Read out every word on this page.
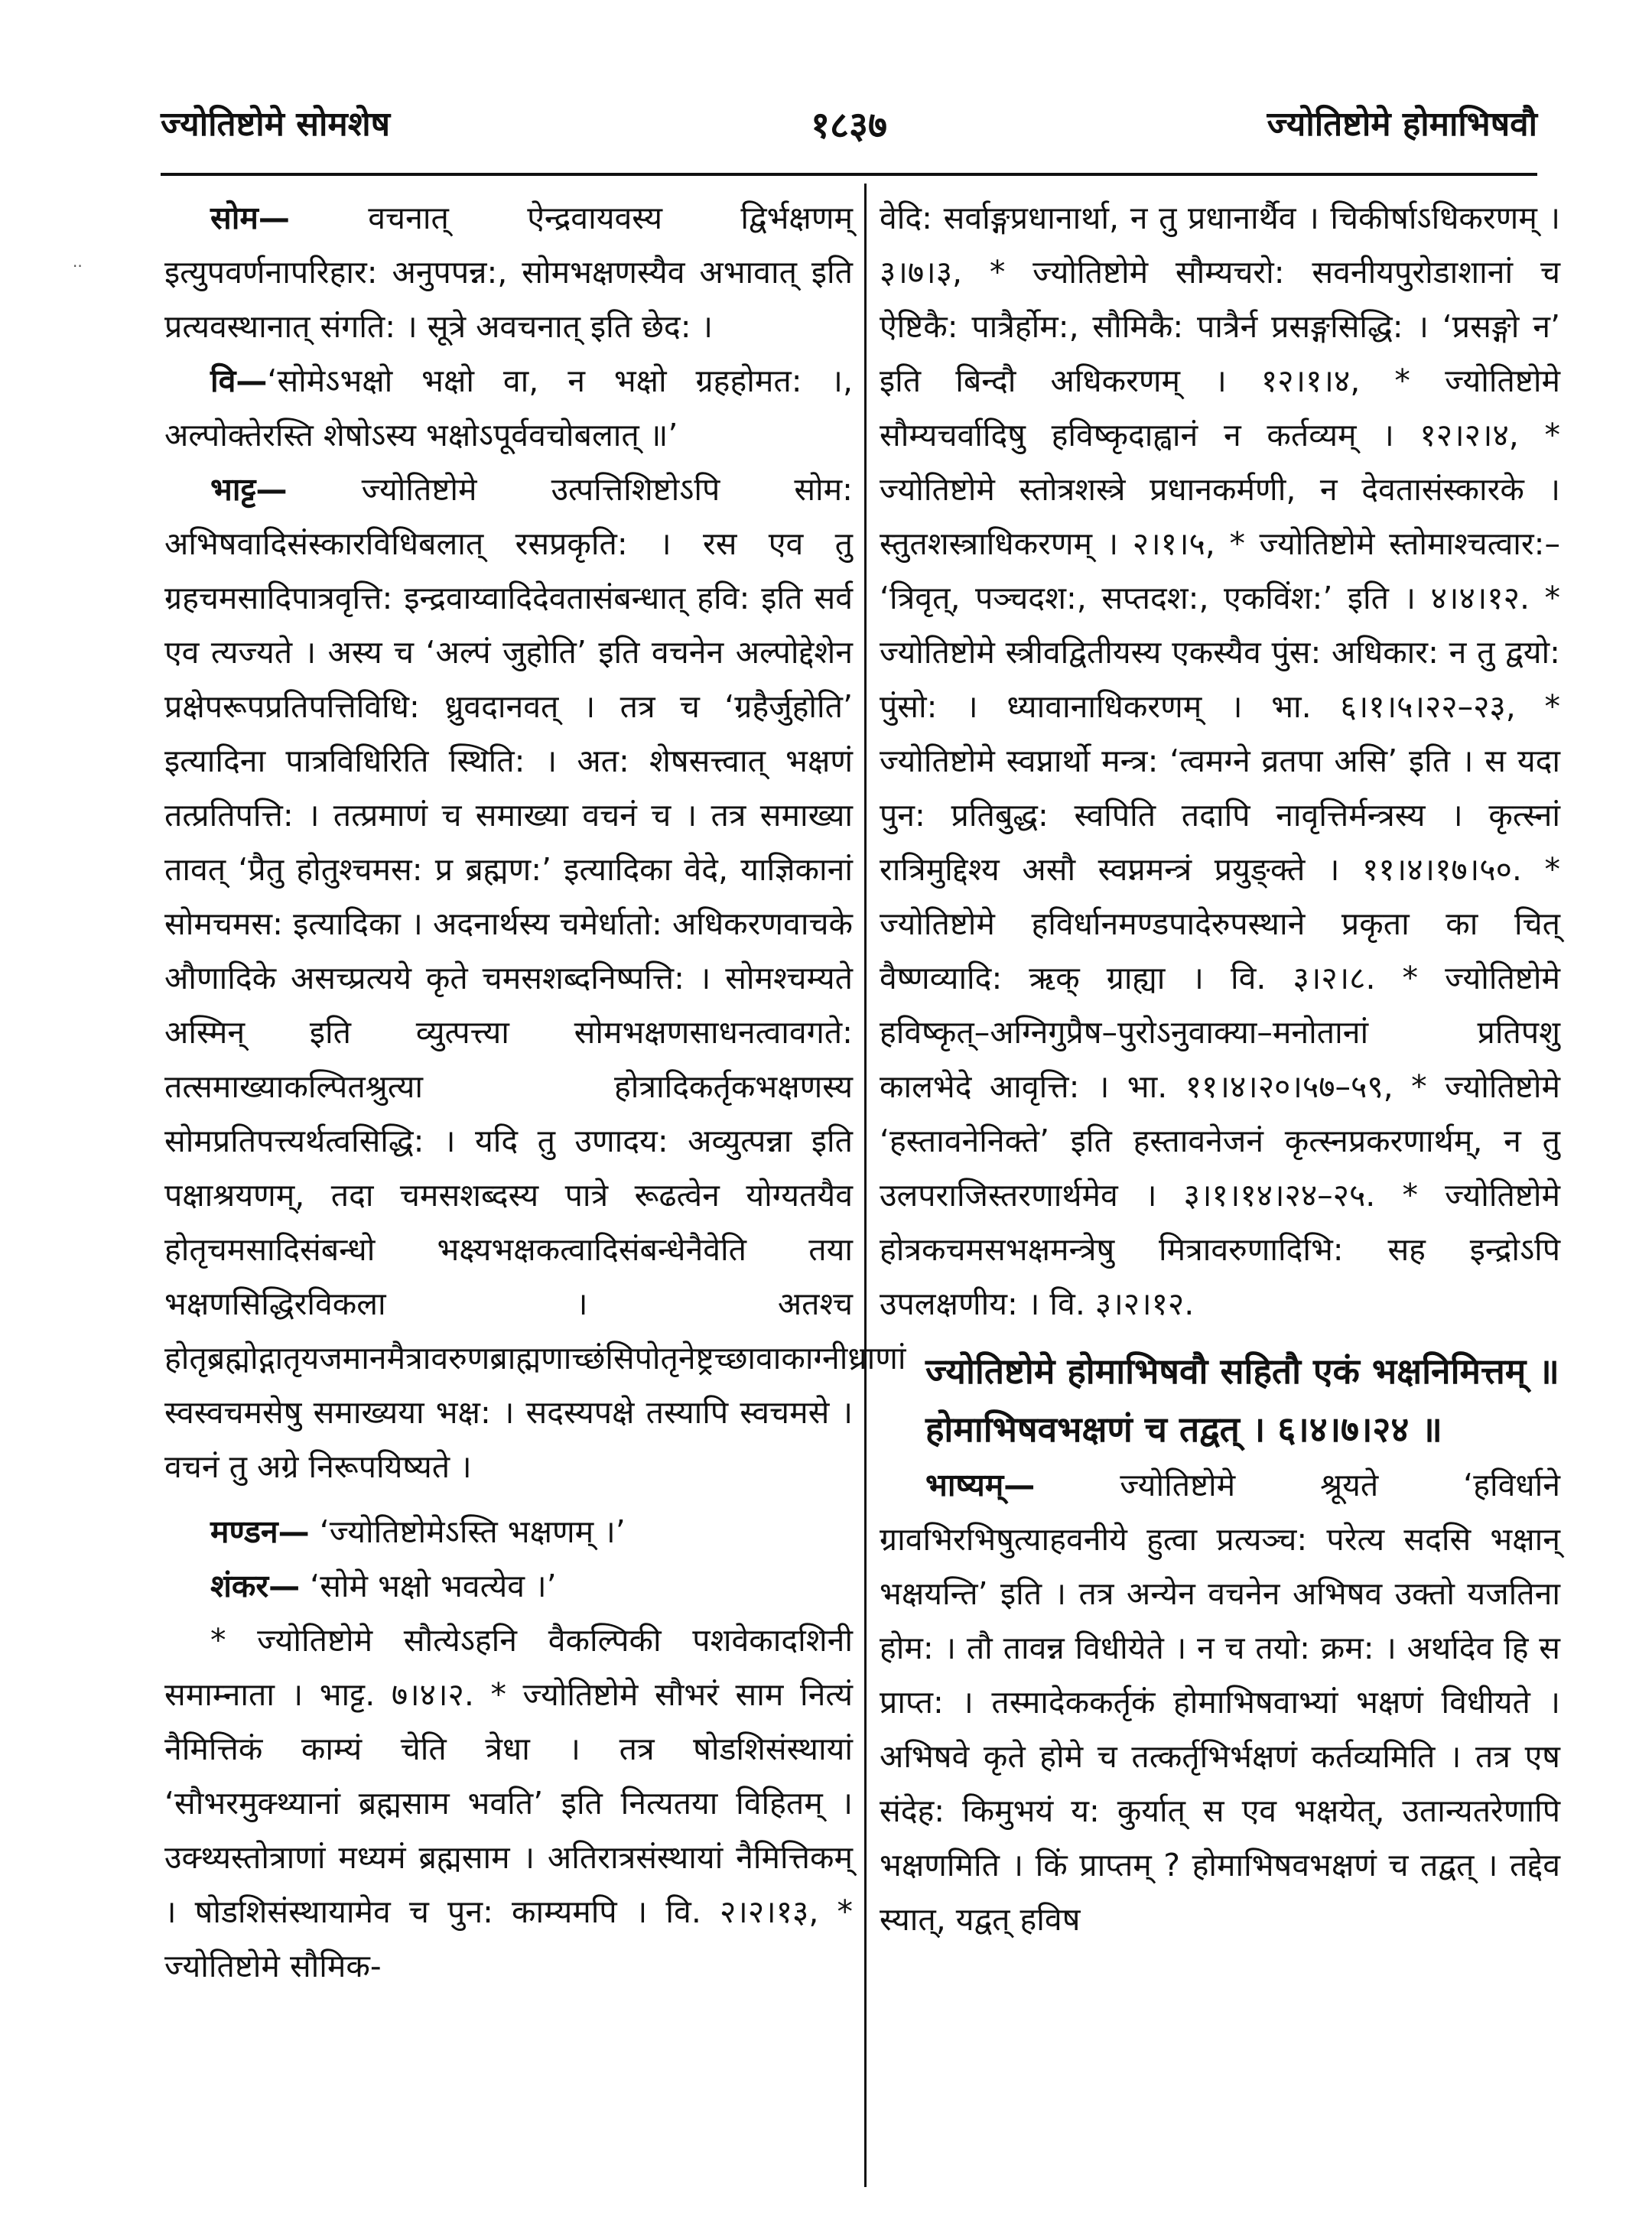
ज्योतिष्टोमे सोमशेष	१८३७	ज्योतिष्टोमे होमाभिषवौ
..

सोम— वचनात् ऐन्द्रवायवस्य द्विर्भक्षणम् इत्युपवर्णनापरिहार: अनुपपन्न:, सोमभक्षणस्यैव अभावात् इति प्रत्यवस्थानात् संगति: । सूत्रे अवचनात् इति छेद: ।

वि—‘सोमेऽभक्षो भक्षो वा, न भक्षो ग्रहहोमत: ।, अल्पोक्तेरस्ति शेषोऽस्य भक्षोऽपूर्ववचोबलात् ॥’

भाट्ट— ज्योतिष्टोमे उत्पत्तिशिष्टोऽपि सोम: अभिषवादिसंस्कारविधिबलात् रसप्रकृति: । रस एव तु ग्रहचमसादिपात्रवृत्ति: इन्द्रवाय्वादिदेवतासंबन्धात् हवि: इति सर्व एव त्यज्यते । अस्य च ‘अल्पं जुहोति’ इति वचनेन अल्पोद्देशेन प्रक्षेपरूपप्रतिपत्तिविधि: ध्रुवदानवत् । तत्र च ‘ग्रहैर्जुहोति’ इत्यादिना पात्रविधिरिति स्थिति: । अत: शेषसत्त्वात् भक्षणं तत्प्रतिपत्ति: । तत्प्रमाणं च समाख्या वचनं च । तत्र समाख्या तावत् ‘प्रैतु होतुश्चमस: प्र ब्रह्मण:’ इत्यादिका वेदे, याज्ञिकानां सोमचमस: इत्यादिका । अदनार्थस्य चमेर्धातो: अधिकरणवाचके औणादिके असच्प्रत्यये कृते चमसशब्दनिष्पत्ति: । सोमश्चम्यते अस्मिन् इति व्युत्पत्त्या सोमभक्षणसाधनत्वावगते: तत्समाख्याकल्पितश्रुत्या होत्रादिकर्तृकभक्षणस्य सोमप्रतिपत्त्यर्थत्वसिद्धि: । यदि तु उणादय: अव्युत्पन्ना इति पक्षाश्रयणम्, तदा चमसशब्दस्य पात्रे रूढत्वेन योग्यतयैव होतृचमसादिसंबन्धो भक्ष्यभक्षकत्वादिसंबन्धेनैवेति तया भक्षणसिद्धिरविकला । अतश्च होतृब्रह्मोद्गातृयजमानमैत्रावरुणब्राह्मणाच्छंसिपोतृनेष्ट्रच्छावाकाग्नीध्राणां स्वस्वचमसेषु समाख्यया भक्ष: । सदस्यपक्षे तस्यापि स्वचमसे । वचनं तु अग्रे निरूपयिष्यते ।

मण्डन— ‘ज्योतिष्टोमेऽस्ति भक्षणम् ।’

शंकर— ‘सोमे भक्षो भवत्येव ।’

* ज्योतिष्टोमे सौत्येऽहनि वैकल्पिकी पशवेकादशिनी समाम्नाता । भाट्ट. ७।४।२. * ज्योतिष्टोमे सौभरं साम नित्यं नैमित्तिकं काम्यं चेति त्रेधा । तत्र षोडशिसंस्थायां ‘सौभरमुक्थ्यानां ब्रह्मसाम भवति’ इति नित्यतया विहितम् । उक्थ्यस्तोत्राणां मध्यमं ब्रह्मसाम । अतिरात्रसंस्थायां नैमित्तिकम् । षोडशिसंस्थायामेव च पुन: काम्यमपि । वि. २।२।१३, * ज्योतिष्टोमे सौमिक-

वेदि: सर्वाङ्गप्रधानार्था, न तु प्रधानार्थैव । चिकीर्षाऽधिकरणम् । ३।७।३, * ज्योतिष्टोमे सौम्यचरो: सवनीयपुरोडाशानां च ऐष्टिकै: पात्रैर्होम:, सौमिकै: पात्रैर्न प्रसङ्गसिद्धि: । ‘प्रसङ्गो न’ इति बिन्दौ अधिकरणम् । १२।१।४, * ज्योतिष्टोमे सौम्यचर्वादिषु हविष्कृदाह्वानं न कर्तव्यम् । १२।२।४, * ज्योतिष्टोमे स्तोत्रशस्त्रे प्रधानकर्मणी, न देवतासंस्कारके । स्तुतशस्त्राधिकरणम् । २।१।५, * ज्योतिष्टोमे स्तोमाश्चत्वार:– ‘त्रिवृत्, पञ्चदश:, सप्तदश:, एकविंश:’ इति । ४।४।१२. * ज्योतिष्टोमे स्त्रीवद्वितीयस्य एकस्यैव पुंस: अधिकार: न तु द्वयो: पुंसो: । ध्यावानाधिकरणम् । भा. ६।१।५।२२–२३, * ज्योतिष्टोमे स्वप्नार्थो मन्त्र: ‘त्वमग्ने व्रतपा असि’ इति । स यदा पुन: प्रतिबुद्ध: स्वपिति तदापि नावृत्तिर्मन्त्रस्य । कृत्स्नां रात्रिमुद्दिश्य असौ स्वप्नमन्त्रं प्रयुङ्क्ते । ११।४।१७।५०. * ज्योतिष्टोमे हविर्धानमण्डपादेरुपस्थाने प्रकृता का चित् वैष्णव्यादि: ऋक् ग्राह्या । वि. ३।२।८. * ज्योतिष्टोमे हविष्कृत्–अग्निगुप्रैष–पुरोऽनुवाक्या–मनोतानां प्रतिपशु कालभेदे आवृत्ति: । भा. ११।४।२०।५७–५९, * ज्योतिष्टोमे ‘हस्तावनेनिक्ते’ इति हस्तावनेजनं कृत्स्नप्रकरणार्थम्, न तु उलपराजिस्तरणार्थमेव । ३।१।१४।२४–२५. * ज्योतिष्टोमे होत्रकचमसभक्षमन्त्रेषु मित्रावरुणादिभि: सह इन्द्रोऽपि उपलक्षणीय: । वि. ३।२।१२.

ज्योतिष्टोमे होमाभिषवौ सहितौ एकं भक्षनिमित्तम् ॥

होमाभिषवभक्षणं च तद्वत् । ६।४।७।२४ ॥

भाष्यम्— ज्योतिष्टोमे श्रूयते ‘हविर्धाने ग्रावभिरभिषुत्याहवनीये हुत्वा प्रत्यञ्च: परेत्य सदसि भक्षान् भक्षयन्ति’ इति । तत्र अन्येन वचनेन अभिषव उक्तो यजतिना होम: । तौ तावन्न विधीयेते । न च तयो: क्रम: । अर्थादेव हि स प्राप्त: । तस्मादेककर्तृकं होमाभिषवाभ्यां भक्षणं विधीयते । अभिषवे कृते होमे च तत्कर्तृभिर्भक्षणं कर्तव्यमिति । तत्र एष संदेह: किमुभयं य: कुर्यात् स एव भक्षयेत्, उतान्यतरेणापि भक्षणमिति । किं प्राप्तम् ? होमाभिषवभक्षणं च तद्वत् । तद्देव स्यात्, यद्वत् हविष
